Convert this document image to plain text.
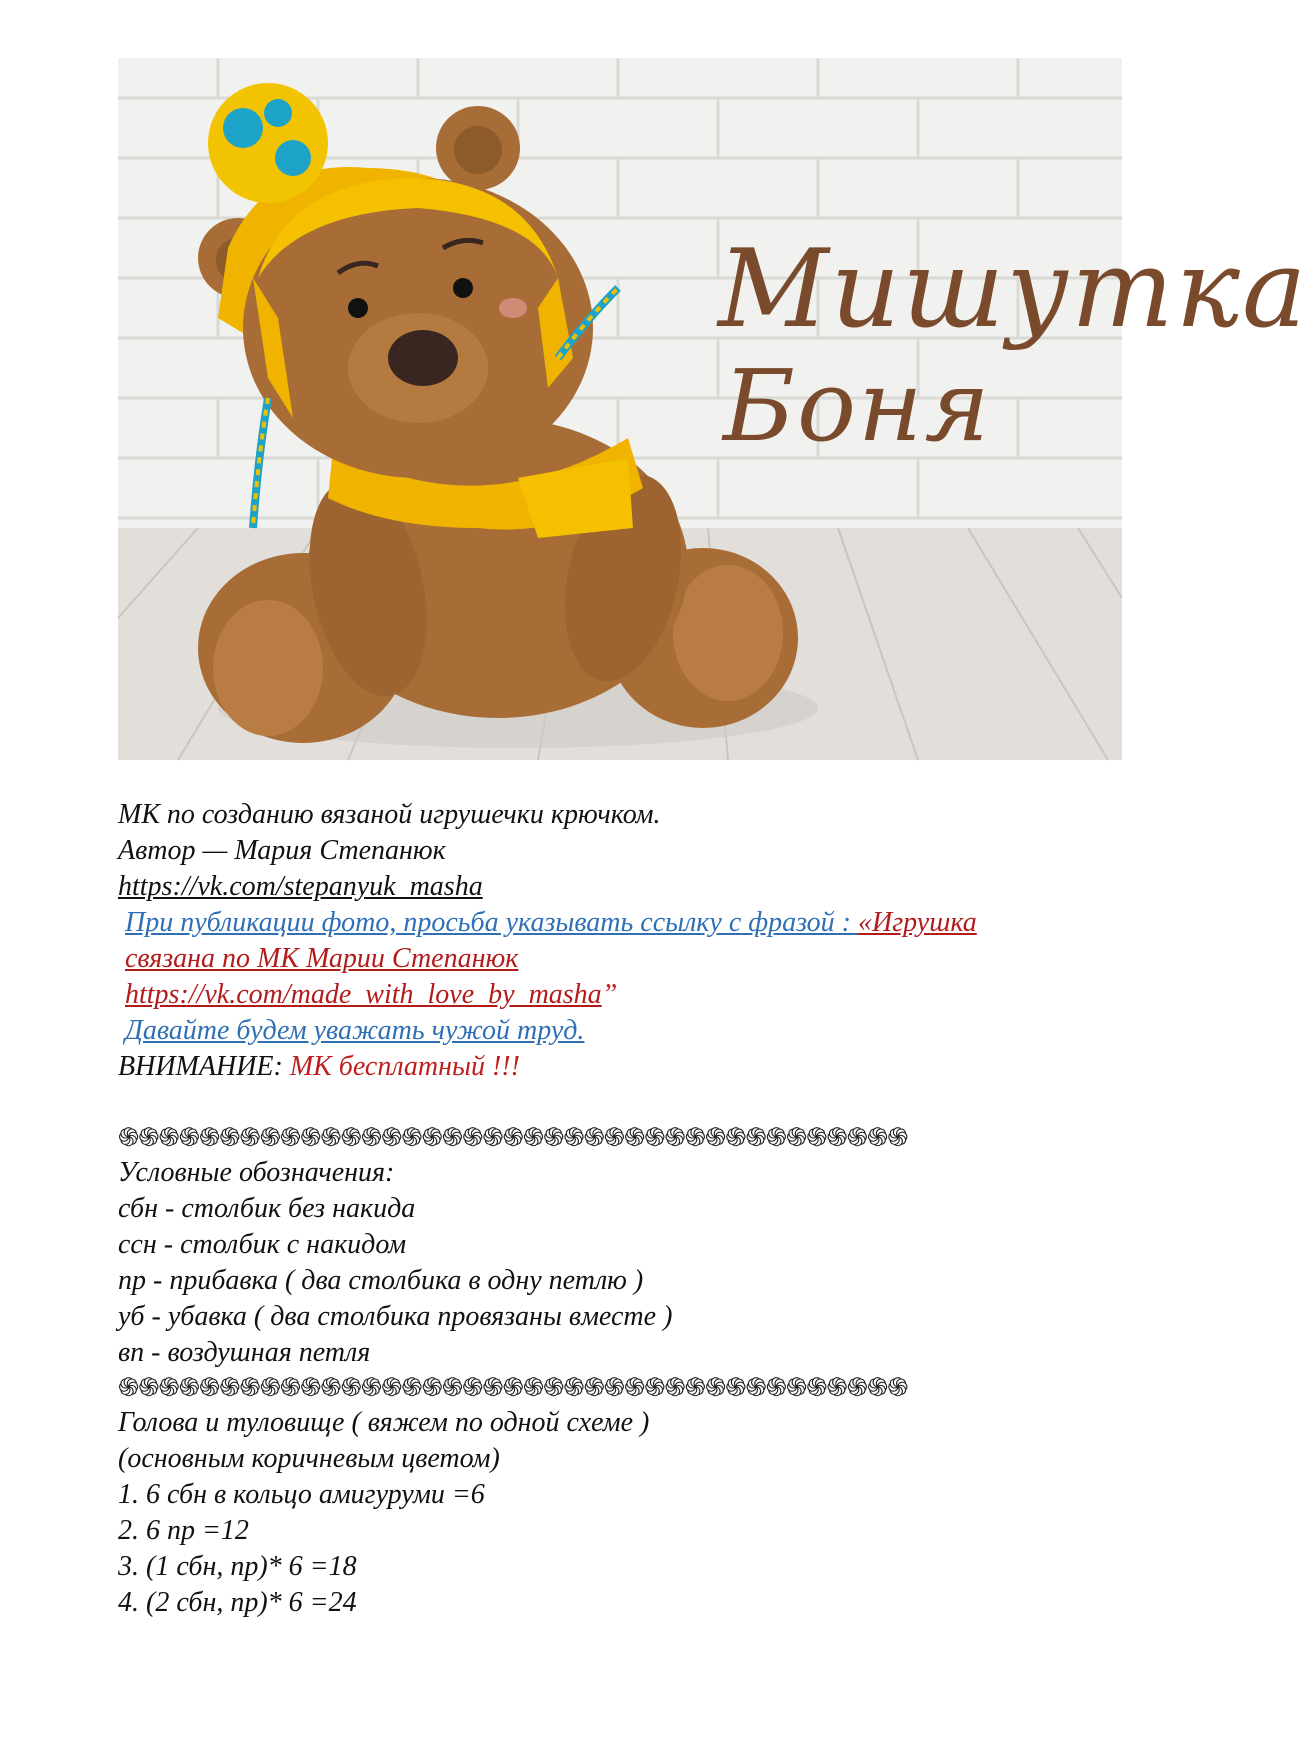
Мишутка
Боня

МК по созданию вязаной игрушечки крючком.

Автор — Мария Степанюк

https://vk.com/stepanyuk_masha

При публикации фото, просьба указывать ссылку с фразой : «Игрушка

связана по МК Марии Степанюк

https://vk.com/made_with_love_by_masha”

Давайте будем уважать чужой труд.

ВНИМАНИЕ: МК бесплатный !!!

֍֍֍֍֍֍֍֍֍֍֍֍֍֍֍֍֍֍֍֍֍֍֍֍֍֍֍֍֍֍֍֍֍֍֍֍֍֍֍

Условные обозначения:

сбн - столбик без накида

ссн - столбик с накидом

пр - прибавка ( два столбика в одну петлю )

уб - убавка ( два столбика провязаны вместе )

вп - воздушная петля

֍֍֍֍֍֍֍֍֍֍֍֍֍֍֍֍֍֍֍֍֍֍֍֍֍֍֍֍֍֍֍֍֍֍֍֍֍֍֍

Голова и туловище ( вяжем по одной схеме )

(основным коричневым цветом)

1. 6 сбн в кольцо амигуруми =6

2. 6 пр =12

3. (1 сбн, пр)* 6 =18

4. (2 сбн, пр)* 6 =24
